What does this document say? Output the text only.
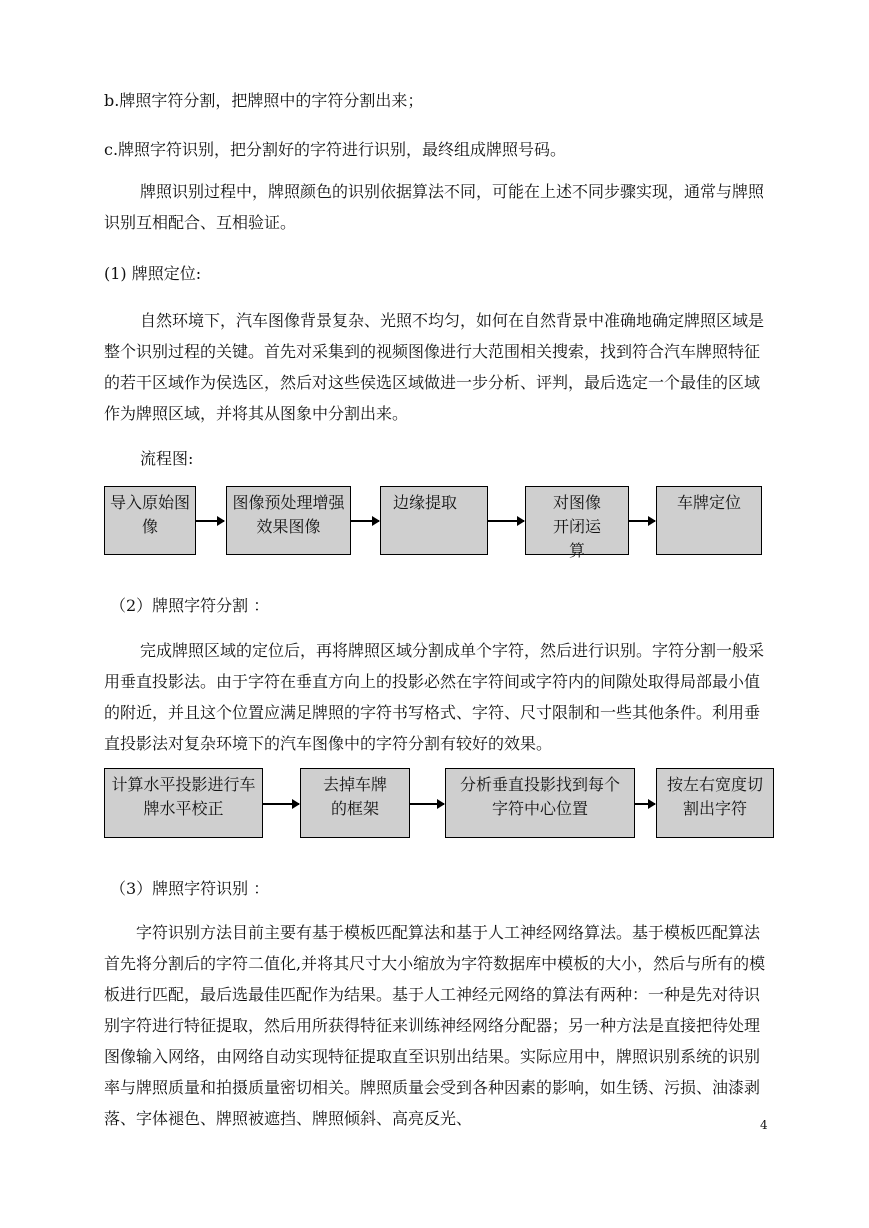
b.牌照字符分割，把牌照中的字符分割出来；

c.牌照字符识别，把分割好的字符进行识别，最终组成牌照号码。

牌照识别过程中，牌照颜色的识别依据算法不同，可能在上述不同步骤实现，通常与牌照识别互相配合、互相验证。

(1) 牌照定位:

自然环境下，汽车图像背景复杂、光照不均匀，如何在自然背景中准确地确定牌照区域是整个识别过程的关键。首先对采集到的视频图像进行大范围相关搜索，找到符合汽车牌照特征的若干区域作为侯选区，然后对这些侯选区域做进一步分析、评判，最后选定一个最佳的区域作为牌照区域，并将其从图象中分割出来。

流程图:

导入原始图像
图像预处理增强效果图像
边缘提取	对图像开闭运算
车牌定位

（2）牌照字符分割 ：

完成牌照区域的定位后，再将牌照区域分割成单个字符，然后进行识别。字符分割一般采用垂直投影法。由于字符在垂直方向上的投影必然在字符间或字符内的间隙处取得局部最小值的附近，并且这个位置应满足牌照的字符书写格式、字符、尺寸限制和一些其他条件。利用垂直投影法对复杂环境下的汽车图像中的字符分割有较好的效果。

计算水平投影进行车牌水平校正
去掉车牌的框架
分析垂直投影找到每个字符中心位置
按左右宽度切割出字符

（3）牌照字符识别 ：

字符识别方法目前主要有基于模板匹配算法和基于人工神经网络算法。基于模板匹配算法首先将分割后的字符二值化,并将其尺寸大小缩放为字符数据库中模板的大小，然后与所有的模板进行匹配，最后选最佳匹配作为结果。基于人工神经元网络的算法有两种：一种是先对待识别字符进行特征提取，然后用所获得特征来训练神经网络分配器；另一种方法是直接把待处理图像输入网络，由网络自动实现特征提取直至识别出结果。实际应用中，牌照识别系统的识别率与牌照质量和拍摄质量密切相关。牌照质量会受到各种因素的影响，如生锈、污损、油漆剥落、字体褪色、牌照被遮挡、牌照倾斜、高亮反光、	4
